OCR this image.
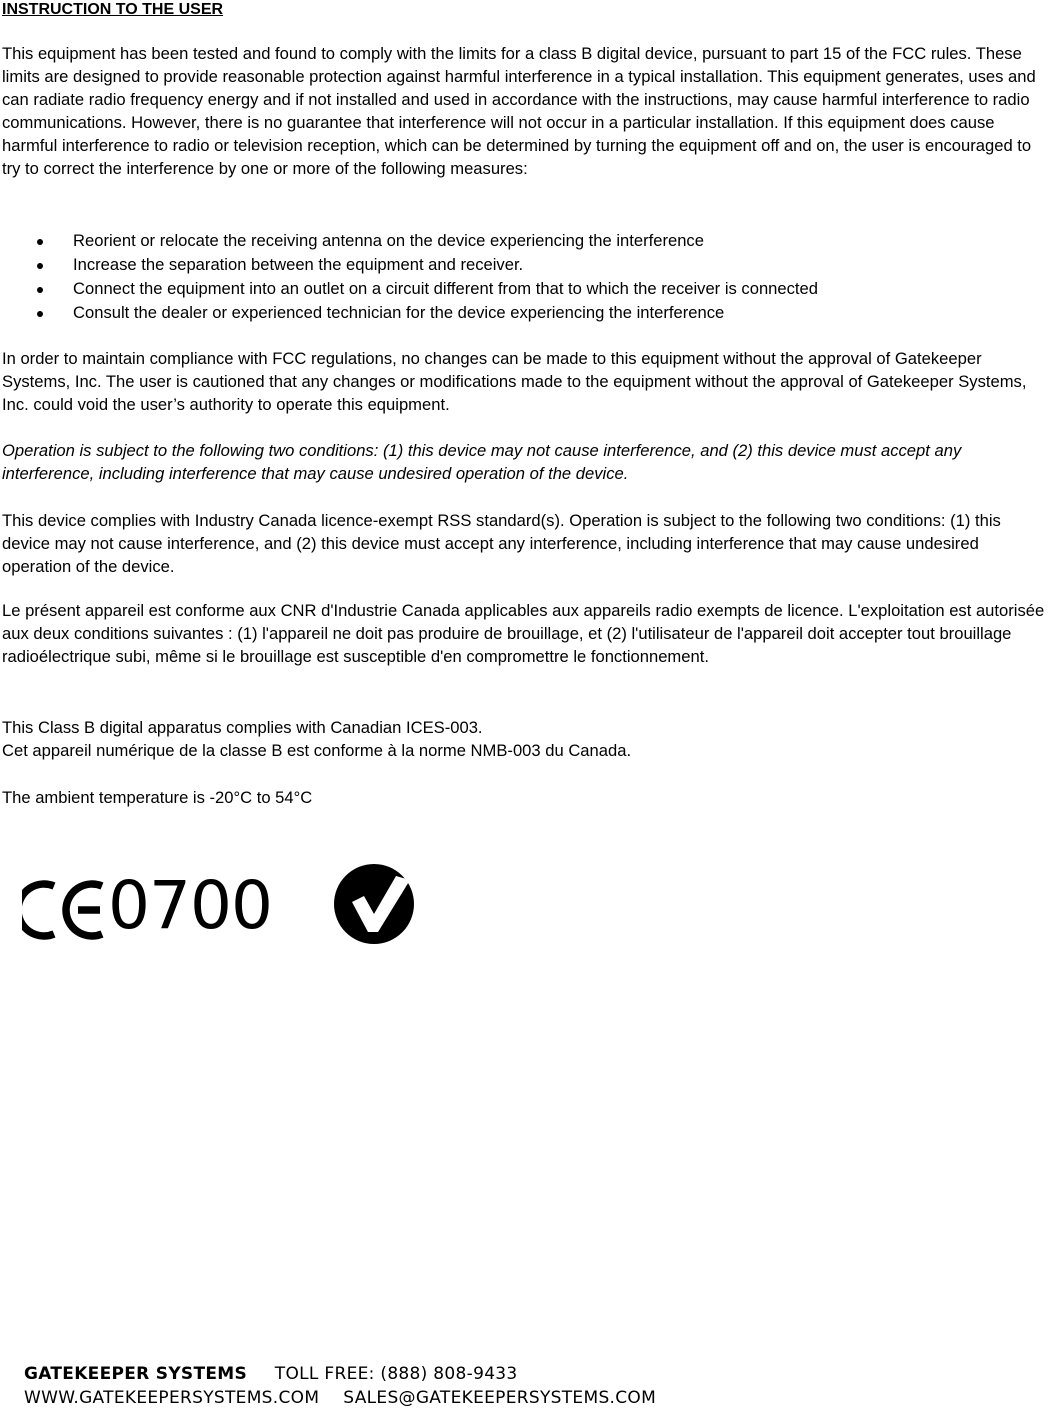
INSTRUCTION TO THE USER

This equipment has been tested and found to comply with the limits for a class B digital device, pursuant to part 15 of the FCC rules. These limits are designed to provide reasonable protection against harmful interference in a typical installation. This equipment generates, uses and can radiate radio frequency energy and if not installed and used in accordance with the instructions, may cause harmful interference to radio communications. However, there is no guarantee that interference will not occur in a particular installation. If this equipment does cause harmful interference to radio or television reception, which can be determined by turning the equipment off and on, the user is encouraged to try to correct the interference by one or more of the following measures:

Reorient or relocate the receiving antenna on the device experiencing the interference
Increase the separation between the equipment and receiver.
Connect the equipment into an outlet on a circuit different from that to which the receiver is connected
Consult the dealer or experienced technician for the device experiencing the interference

In order to maintain compliance with FCC regulations, no changes can be made to this equipment without the approval of Gatekeeper Systems, Inc. The user is cautioned that any changes or modifications made to the equipment without the approval of Gatekeeper Systems, Inc. could void the user’s authority to operate this equipment.

Operation is subject to the following two conditions: (1) this device may not cause interference, and (2) this device must accept any interference, including interference that may cause undesired operation of the device.

This device complies with Industry Canada licence-exempt RSS standard(s). Operation is subject to the following two conditions: (1) this device may not cause interference, and (2) this device must accept any interference, including interference that may cause undesired operation of the device.

Le présent appareil est conforme aux CNR d'Industrie Canada applicables aux appareils radio exempts de licence. L'exploitation est autorisée aux deux conditions suivantes : (1) l'appareil ne doit pas produire de brouillage, et (2) l'utilisateur de l'appareil doit accepter tout brouillage radioélectrique subi, même si le brouillage est susceptible d'en compromettre le fonctionnement.

This Class B digital apparatus complies with Canadian ICES-003.
Cet appareil numérique de la classe B est conforme à la norme NMB-003 du Canada.
The ambient temperature is -20°C to 54°C
0700
GATEKEEPER SYSTEMS TOLL FREE: (888) 808-9433
WWW.GATEKEEPERSYSTEMS.COM SALES@GATEKEEPERSYSTEMS.COM
